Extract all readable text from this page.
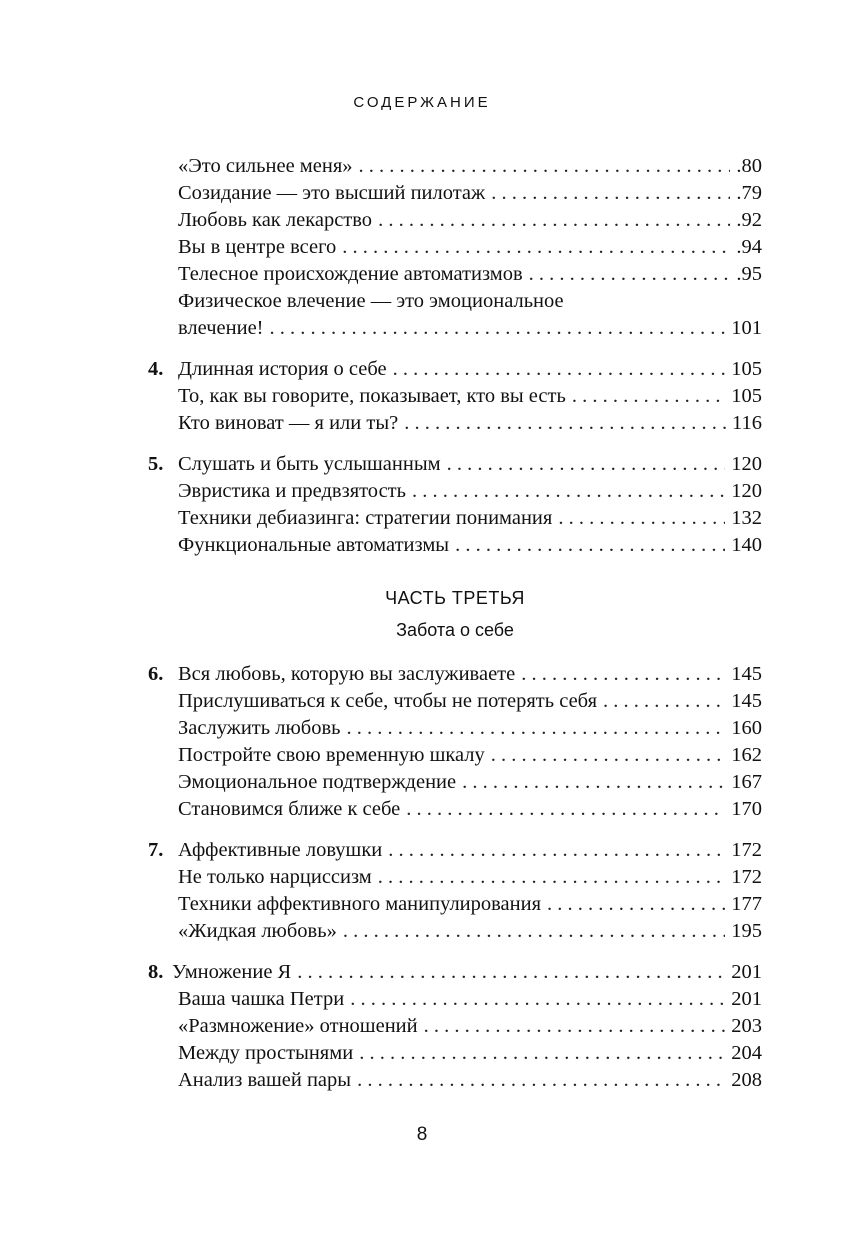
СОДЕРЖАНИЕ
«Это сильнее меня» . . .	.80
Созидание — это высший пилотаж . . .	.79
Любовь как лекарство . . .	.92
Вы в центре всего . . .	.94
Телесное происхождение автоматизмов . . .	.95
Физическое влечение — это эмоциональное
влечение! . . .	101
4. Длинная история о себе . . .	105
То, как вы говорите, показывает, кто вы есть . . .	105
Кто виноват — я или ты? . . .	116
5. Слушать и быть услышанным . . .	120
Эвристика и предвзятость . . .	120
Техники дебиазинга: стратегии понимания . . .	132
Функциональные автоматизмы . . .	140
ЧАСТЬ ТРЕТЬЯ
Забота о себе
6. Вся любовь, которую вы заслуживаете . . .	145
Прислушиваться к себе, чтобы не потерять себя . . .	145
Заслужить любовь . . .	160
Постройте свою временную шкалу . . .	162
Эмоциональное подтверждение . . .	167
Становимся ближе к себе . . .	170
7. Аффективные ловушки . . .	172
Не только нарциссизм . . .	172
Техники аффективного манипулирования . . .	177
«Жидкая любовь» . . .	195
8. Умножение Я . . .	201
Ваша чашка Петри . . .	201
«Размножение» отношений . . .	203
Между простынями . . .	204
Анализ вашей пары . . .	208
8
